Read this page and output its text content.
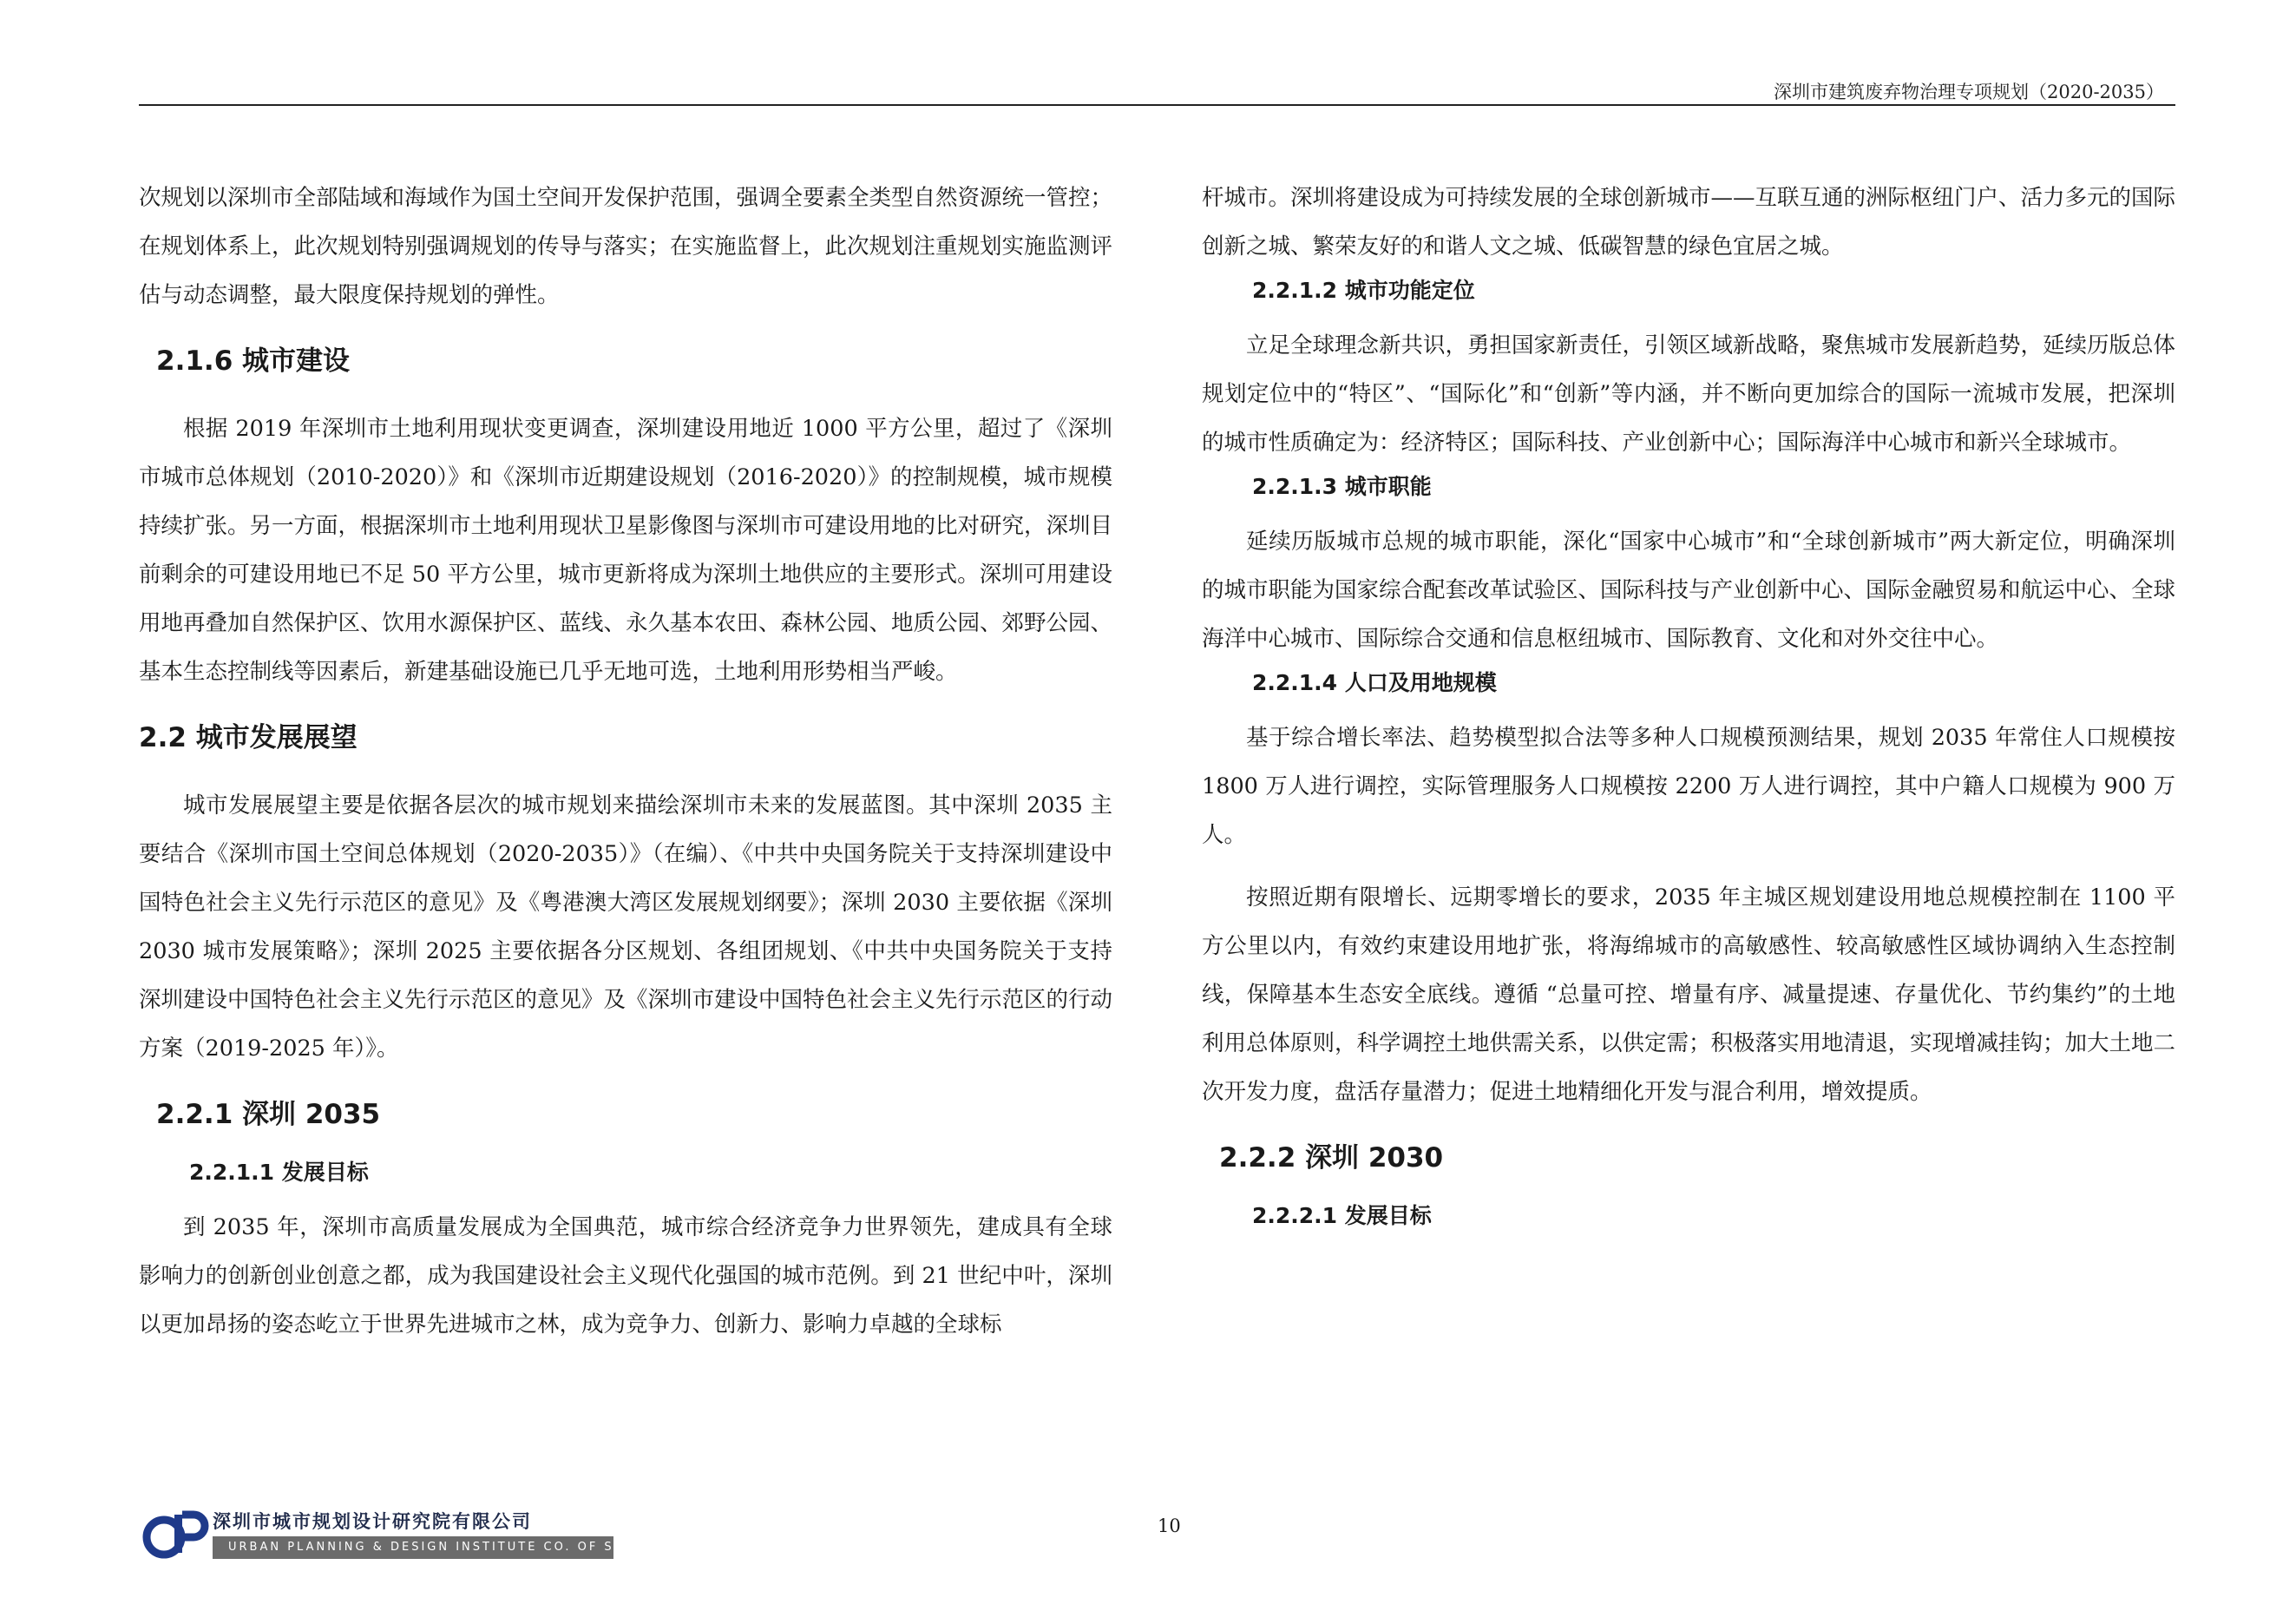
深圳市建筑废弃物治理专项规划（2020-2035）

次规划以深圳市全部陆域和海域作为国土空间开发保护范围，强调全要素全类型自然资源统一管控；在规划体系上，此次规划特别强调规划的传导与落实；在实施监督上，此次规划注重规划实施监测评估与动态调整，最大限度保持规划的弹性。

2.1.6 城市建设

根据 2019 年深圳市土地利用现状变更调查，深圳建设用地近 1000 平方公里，超过了《深圳市城市总体规划（2010-2020）》和《深圳市近期建设规划（2016-2020）》的控制规模，城市规模持续扩张。另一方面，根据深圳市土地利用现状卫星影像图与深圳市可建设用地的比对研究，深圳目前剩余的可建设用地已不足 50 平方公里，城市更新将成为深圳土地供应的主要形式。深圳可用建设用地再叠加自然保护区、饮用水源保护区、蓝线、永久基本农田、森林公园、地质公园、郊野公园、基本生态控制线等因素后，新建基础设施已几乎无地可选，土地利用形势相当严峻。

2.2 城市发展展望

城市发展展望主要是依据各层次的城市规划来描绘深圳市未来的发展蓝图。其中深圳 2035 主要结合《深圳市国土空间总体规划（2020-2035）》（在编）、《中共中央国务院关于支持深圳建设中国特色社会主义先行示范区的意见》及《粤港澳大湾区发展规划纲要》；深圳 2030 主要依据《深圳 2030 城市发展策略》；深圳 2025 主要依据各分区规划、各组团规划、《中共中央国务院关于支持深圳建设中国特色社会主义先行示范区的意见》及《深圳市建设中国特色社会主义先行示范区的行动方案（2019-2025 年）》。

2.2.1 深圳 2035
2.2.1.1 发展目标

到 2035 年，深圳市高质量发展成为全国典范，城市综合经济竞争力世界领先，建成具有全球影响力的创新创业创意之都，成为我国建设社会主义现代化强国的城市范例。到 21 世纪中叶，深圳以更加昂扬的姿态屹立于世界先进城市之林，成为竞争力、创新力、影响力卓越的全球标

杆城市。深圳将建设成为可持续发展的全球创新城市——互联互通的洲际枢纽门户、活力多元的国际创新之城、繁荣友好的和谐人文之城、低碳智慧的绿色宜居之城。

2.2.1.2 城市功能定位

立足全球理念新共识，勇担国家新责任，引领区域新战略，聚焦城市发展新趋势，延续历版总体规划定位中的“特区”、“国际化”和“创新”等内涵，并不断向更加综合的国际一流城市发展，把深圳的城市性质确定为：经济特区；国际科技、产业创新中心；国际海洋中心城市和新兴全球城市。

2.2.1.3 城市职能

延续历版城市总规的城市职能，深化“国家中心城市”和“全球创新城市”两大新定位，明确深圳的城市职能为国家综合配套改革试验区、国际科技与产业创新中心、国际金融贸易和航运中心、全球海洋中心城市、国际综合交通和信息枢纽城市、国际教育、文化和对外交往中心。

2.2.1.4 人口及用地规模

基于综合增长率法、趋势模型拟合法等多种人口规模预测结果，规划 2035 年常住人口规模按 1800 万人进行调控，实际管理服务人口规模按 2200 万人进行调控，其中户籍人口规模为 900 万人。

按照近期有限增长、远期零增长的要求，2035 年主城区规划建设用地总规模控制在 1100 平方公里以内，有效约束建设用地扩张，将海绵城市的高敏感性、较高敏感性区域协调纳入生态控制线，保障基本生态安全底线。遵循 “总量可控、增量有序、减量提速、存量优化、节约集约”的土地利用总体原则，科学调控土地供需关系，以供定需；积极落实用地清退，实现增减挂钩；加大土地二次开发力度，盘活存量潜力；促进土地精细化开发与混合利用，增效提质。

2.2.2 深圳 2030
2.2.2.1 发展目标
深圳市城市规划设计研究院有限公司
URBAN PLANNING & DESIGN INSTITUTE CO. OF SHENZHEN
10
